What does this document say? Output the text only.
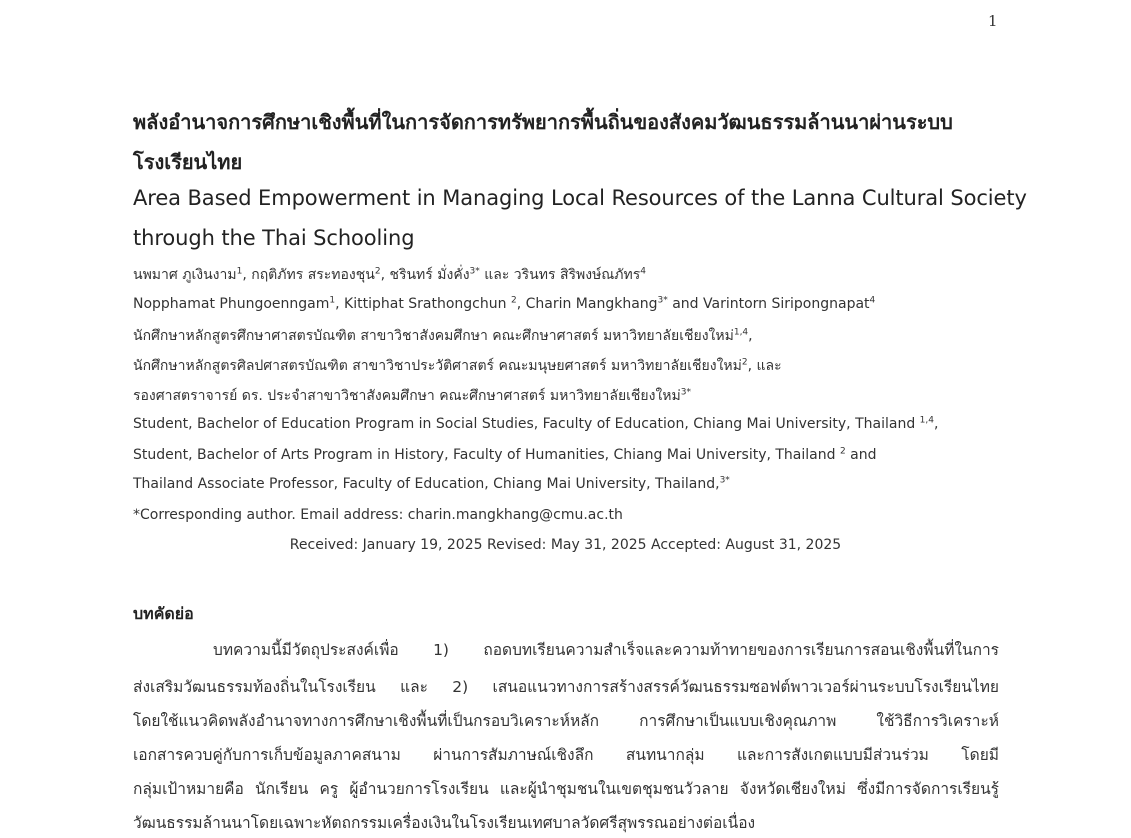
1
พลังอำนาจการศึกษาเชิงพื้นที่ในการจัดการทรัพยากรพื้นถิ่นของสังคมวัฒนธรรมล้านนาผ่านระบบ
โรงเรียนไทย
Area Based Empowerment in Managing Local Resources of the Lanna Cultural Society
through the Thai Schooling
นพมาศ ภูเงินงาม$^1$, กฤติภัทร สระทองชุน$^2$, ชรินทร์ มั่งคั่ง$^{3*}$ และ วรินทร สิริพงษ์ณภัทร$^4$
Nopphamat Phungoenngam$^1$, Kittiphat Srathongchun $^2$, Charin Mangkhang$^{3*}$ and Varintorn Siripongnapat$^4$
นักศึกษาหลักสูตรศึกษาศาสตรบัณฑิต สาขาวิชาสังคมศึกษา คณะศึกษาศาสตร์ มหาวิทยาลัยเชียงใหม่$^{1,4}$,
นักศึกษาหลักสูตรศิลปศาสตรบัณฑิต สาขาวิชาประวัติศาสตร์ คณะมนุษยศาสตร์ มหาวิทยาลัยเชียงใหม่$^2$, และ
รองศาสตราจารย์ ดร. ประจำสาขาวิชาสังคมศึกษา คณะศึกษาศาสตร์ มหาวิทยาลัยเชียงใหม่$^{3*}$
Student, Bachelor of Education Program in Social Studies, Faculty of Education, Chiang Mai University, Thailand $^{1,4}$,
Student, Bachelor of Arts Program in History, Faculty of Humanities, Chiang Mai University, Thailand $^2$ and
Thailand Associate Professor, Faculty of Education, Chiang Mai University, Thailand,$^{3*}$
*Corresponding author. Email address: charin.mangkhang@cmu.ac.th
Received: January 19, 2025 Revised: May 31, 2025 Accepted: August 31, 2025
บทคัดย่อ
บทความนี้มีวัตถุประสงค์เพื่อ 1) ถอดบทเรียนความสำเร็จและความท้าทายของการเรียนการสอนเชิงพื้นที่ในการ
ส่งเสริมวัฒนธรรมท้องถิ่นในโรงเรียน และ 2) เสนอแนวทางการสร้างสรรค์วัฒนธรรมซอฟต์พาวเวอร์ผ่านระบบโรงเรียนไทย
โดยใช้แนวคิดพลังอำนาจทางการศึกษาเชิงพื้นที่เป็นกรอบวิเคราะห์หลัก การศึกษาเป็นแบบเชิงคุณภาพ ใช้วิธีการวิเคราะห์
เอกสารควบคู่กับการเก็บข้อมูลภาคสนาม ผ่านการสัมภาษณ์เชิงลึก สนทนากลุ่ม และการสังเกตแบบมีส่วนร่วม โดยมี
กลุ่มเป้าหมายคือ นักเรียน ครู ผู้อำนวยการโรงเรียน และผู้นำชุมชนในเขตชุมชนวัวลาย จังหวัดเชียงใหม่ ซึ่งมีการจัดการเรียนรู้
วัฒนธรรมล้านนาโดยเฉพาะหัตถกรรมเครื่องเงินในโรงเรียนเทศบาลวัดศรีสุพรรณอย่างต่อเนื่อง
